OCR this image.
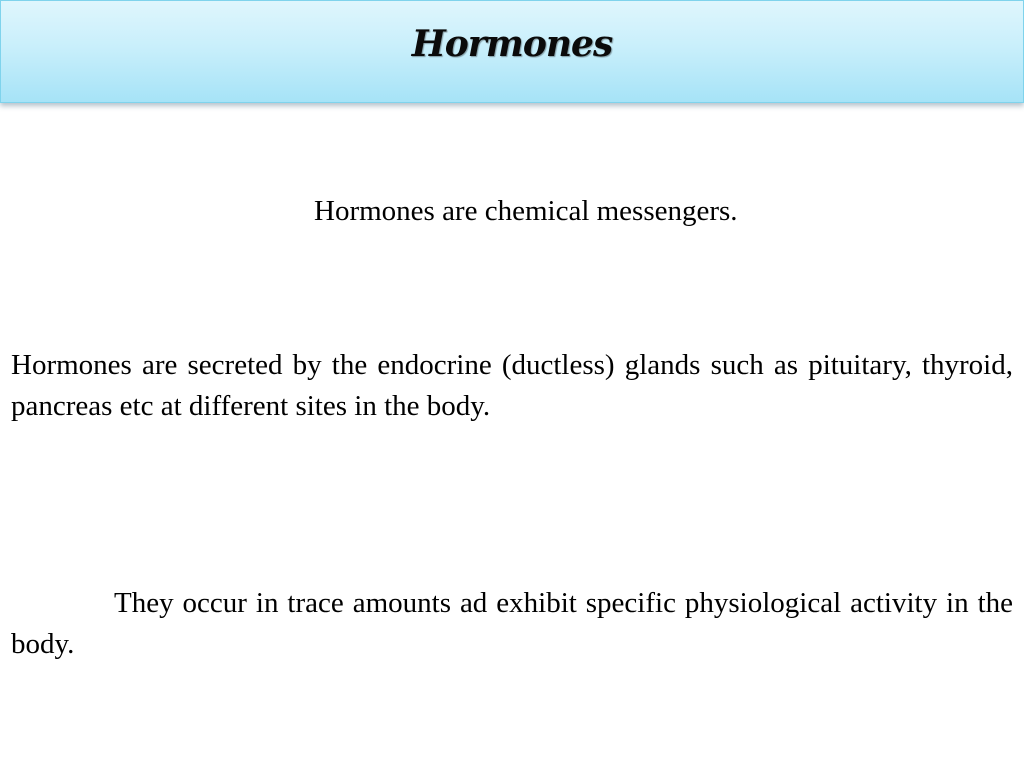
Hormones

Hormones are chemical messengers.

Hormones are secreted by the endocrine (ductless) glands such as pituitary, thyroid, pancreas etc at different sites in the body.

They occur in trace amounts ad exhibit specific physiological activity in the body.
